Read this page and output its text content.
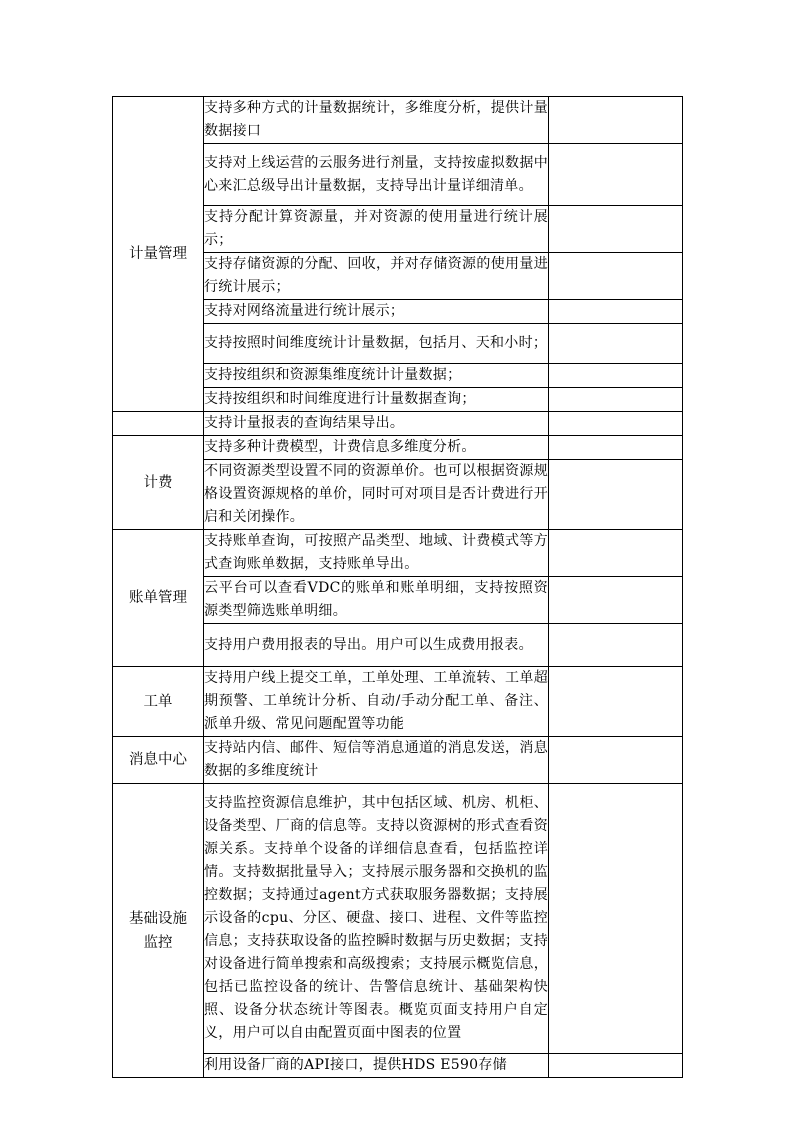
计量管理	支持多种方式的计量数据统计，多维度分析，提供计量数据接口	
	支持对上线运营的云服务进行剂量，支持按虚拟数据中心来汇总级导出计量数据，支持导出计量详细清单。	
	支持分配计算资源量，并对资源的使用量进行统计展示；	
	支持存储资源的分配、回收，并对存储资源的使用量进行统计展示；	
	支持对网络流量进行统计展示；	
	支持按照时间维度统计计量数据，包括月、天和小时；	
	支持按组织和资源集维度统计计量数据；	
	支持按组织和时间维度进行计量数据查询；	
	支持计量报表的查询结果导出。	
计费	支持多种计费模型，计费信息多维度分析。	
	不同资源类型设置不同的资源单价。也可以根据资源规格设置资源规格的单价，同时可对项目是否计费进行开启和关闭操作。	
账单管理	支持账单查询，可按照产品类型、地域、计费模式等方式查询账单数据，支持账单导出。	
	云平台可以查看VDC的账单和账单明细，支持按照资源类型筛选账单明细。	
	支持用户费用报表的导出。用户可以生成费用报表。	
工单	支持用户线上提交工单，工单处理、工单流转、工单超期预警、工单统计分析、自动/手动分配工单、备注、派单升级、常见问题配置等功能	
消息中心	支持站内信、邮件、短信等消息通道的消息发送，消息数据的多维度统计	
基础设施监控	支持监控资源信息维护，其中包括区域、机房、机柜、设备类型、厂商的信息等。支持以资源树的形式查看资源关系。支持单个设备的详细信息查看，包括监控详情。支持数据批量导入；支持展示服务器和交换机的监控数据；支持通过agent方式获取服务器数据；支持展示设备的cpu、分区、硬盘、接口、进程、文件等监控信息；支持获取设备的监控瞬时数据与历史数据；支持对设备进行简单搜索和高级搜索；支持展示概览信息，包括已监控设备的统计、告警信息统计、基础架构快照、设备分状态统计等图表。概览页面支持用户自定义，用户可以自由配置页面中图表的位置	
	利用设备厂商的API接口，提供HDS E590存储	
